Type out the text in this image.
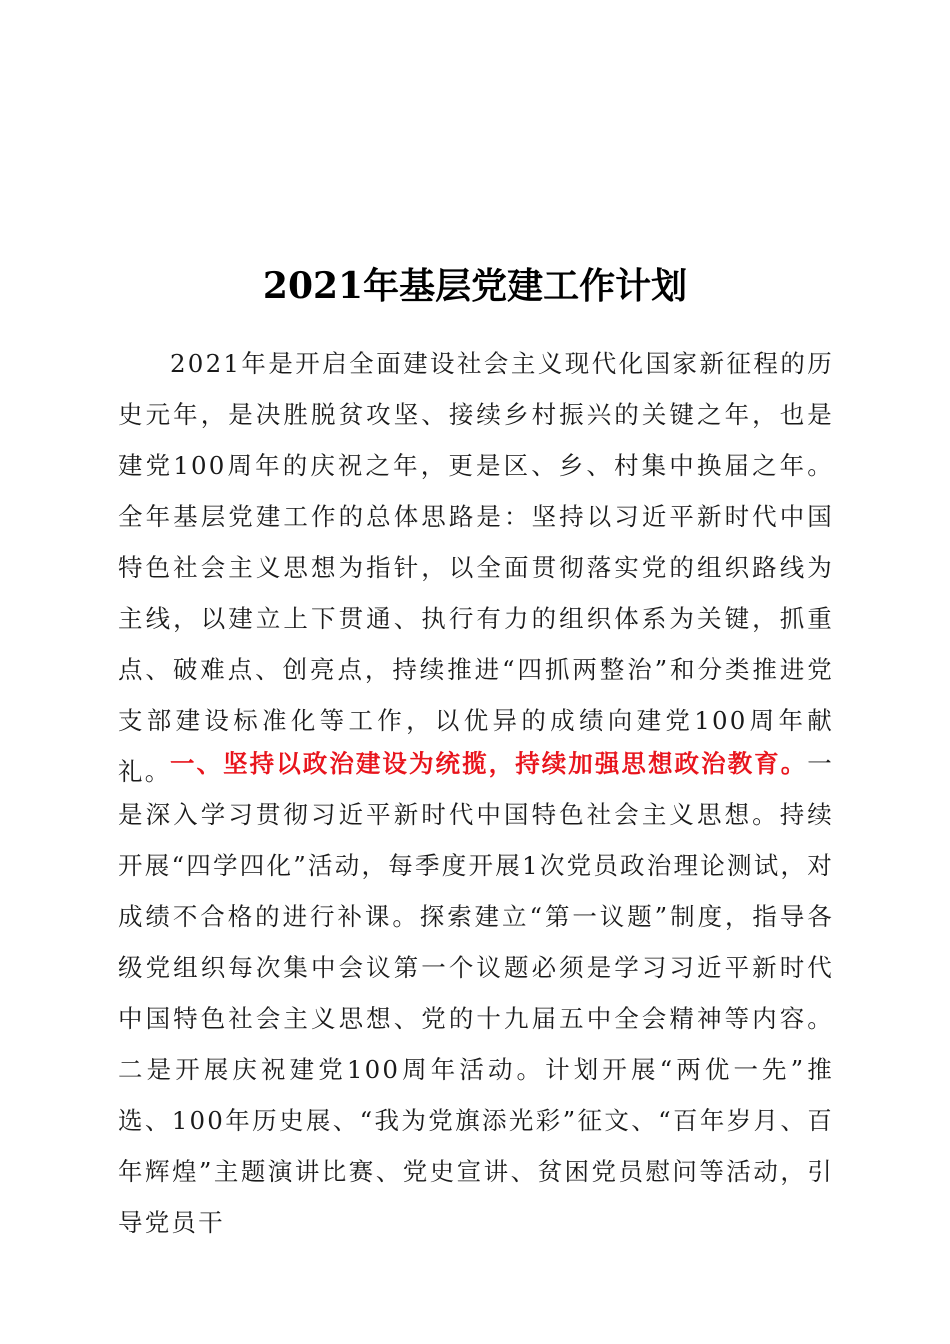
2021年基层党建工作计划

2021年是开启全面建设社会主义现代化国家新征程的历史元年，是决胜脱贫攻坚、接续乡村振兴的关键之年，也是建党100周年的庆祝之年，更是区、乡、村集中换届之年。全年基层党建工作的总体思路是：坚持以习近平新时代中国特色社会主义思想为指针，以全面贯彻落实党的组织路线为主线，以建立上下贯通、执行有力的组织体系为关键，抓重点、破难点、创亮点，持续推进“四抓两整治”和分类推进党支部建设标准化等工作，以优异的成绩向建党100周年献礼。

一、坚持以政治建设为统揽，持续加强思想政治教育。一是深入学习贯彻习近平新时代中国特色社会主义思想。持续开展“四学四化”活动，每季度开展1次党员政治理论测试，对成绩不合格的进行补课。探索建立“第一议题”制度，指导各级党组织每次集中会议第一个议题必须是学习习近平新时代中国特色社会主义思想、党的十九届五中全会精神等内容。二是开展庆祝建党100周年活动。计划开展“两优一先”推选、100年历史展、“我为党旗添光彩”征文、“百年岁月、百年辉煌”主题演讲比赛、党史宣讲、贫困党员慰问等活动，引导党员干
